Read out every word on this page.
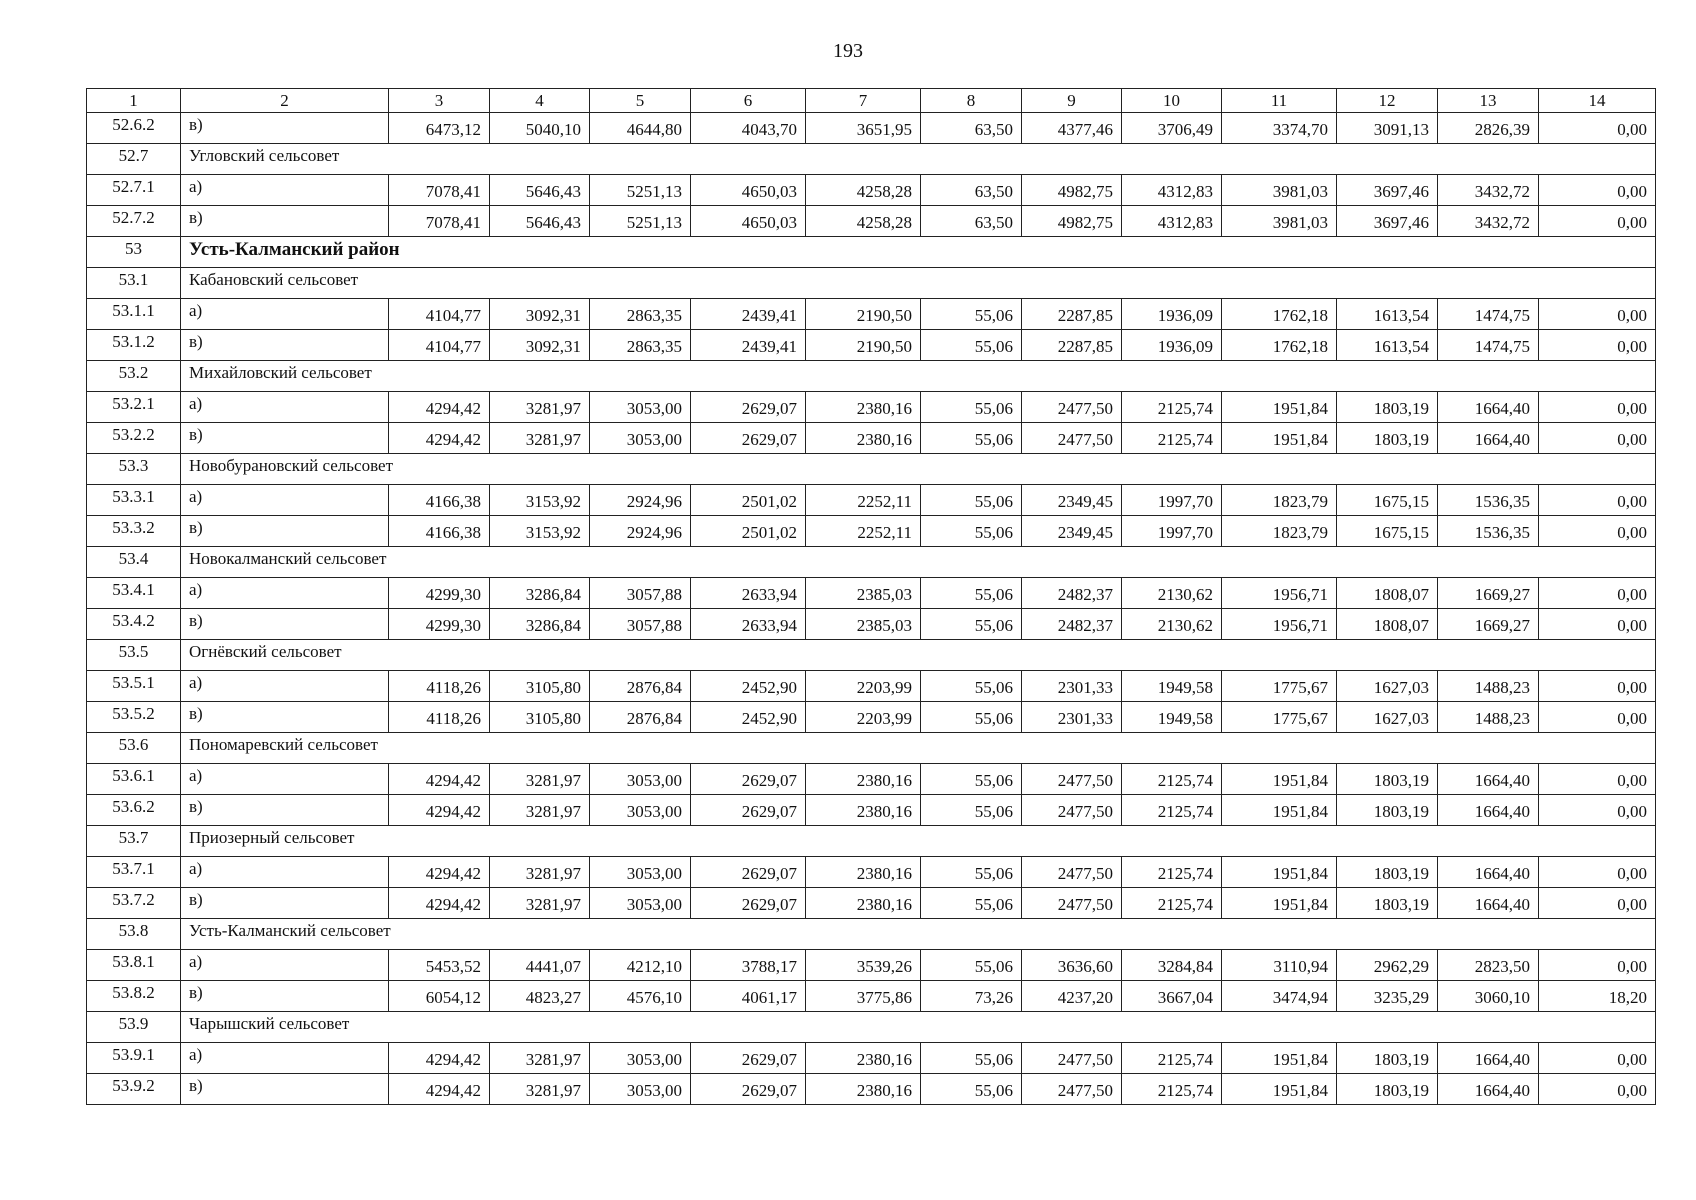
193
1	2	3	4	5	6	7	8	9	10	11	12	13	14
52.6.2	в)	6473,12	5040,10	4644,80	4043,70	3651,95	63,50	4377,46	3706,49	3374,70	3091,13	2826,39	0,00
52.7	Угловский сельсовет												
52.7.1	а)	7078,41	5646,43	5251,13	4650,03	4258,28	63,50	4982,75	4312,83	3981,03	3697,46	3432,72	0,00
52.7.2	в)	7078,41	5646,43	5251,13	4650,03	4258,28	63,50	4982,75	4312,83	3981,03	3697,46	3432,72	0,00
53	Усть-Калманский район												
53.1	Кабановский сельсовет												
53.1.1	а)	4104,77	3092,31	2863,35	2439,41	2190,50	55,06	2287,85	1936,09	1762,18	1613,54	1474,75	0,00
53.1.2	в)	4104,77	3092,31	2863,35	2439,41	2190,50	55,06	2287,85	1936,09	1762,18	1613,54	1474,75	0,00
53.2	Михайловский сельсовет												
53.2.1	а)	4294,42	3281,97	3053,00	2629,07	2380,16	55,06	2477,50	2125,74	1951,84	1803,19	1664,40	0,00
53.2.2	в)	4294,42	3281,97	3053,00	2629,07	2380,16	55,06	2477,50	2125,74	1951,84	1803,19	1664,40	0,00
53.3	Новобурановский сельсовет												
53.3.1	а)	4166,38	3153,92	2924,96	2501,02	2252,11	55,06	2349,45	1997,70	1823,79	1675,15	1536,35	0,00
53.3.2	в)	4166,38	3153,92	2924,96	2501,02	2252,11	55,06	2349,45	1997,70	1823,79	1675,15	1536,35	0,00
53.4	Новокалманский сельсовет												
53.4.1	а)	4299,30	3286,84	3057,88	2633,94	2385,03	55,06	2482,37	2130,62	1956,71	1808,07	1669,27	0,00
53.4.2	в)	4299,30	3286,84	3057,88	2633,94	2385,03	55,06	2482,37	2130,62	1956,71	1808,07	1669,27	0,00
53.5	Огнёвский сельсовет												
53.5.1	а)	4118,26	3105,80	2876,84	2452,90	2203,99	55,06	2301,33	1949,58	1775,67	1627,03	1488,23	0,00
53.5.2	в)	4118,26	3105,80	2876,84	2452,90	2203,99	55,06	2301,33	1949,58	1775,67	1627,03	1488,23	0,00
53.6	Пономаревский сельсовет												
53.6.1	а)	4294,42	3281,97	3053,00	2629,07	2380,16	55,06	2477,50	2125,74	1951,84	1803,19	1664,40	0,00
53.6.2	в)	4294,42	3281,97	3053,00	2629,07	2380,16	55,06	2477,50	2125,74	1951,84	1803,19	1664,40	0,00
53.7	Приозерный сельсовет												
53.7.1	а)	4294,42	3281,97	3053,00	2629,07	2380,16	55,06	2477,50	2125,74	1951,84	1803,19	1664,40	0,00
53.7.2	в)	4294,42	3281,97	3053,00	2629,07	2380,16	55,06	2477,50	2125,74	1951,84	1803,19	1664,40	0,00
53.8	Усть-Калманский сельсовет												
53.8.1	а)	5453,52	4441,07	4212,10	3788,17	3539,26	55,06	3636,60	3284,84	3110,94	2962,29	2823,50	0,00
53.8.2	в)	6054,12	4823,27	4576,10	4061,17	3775,86	73,26	4237,20	3667,04	3474,94	3235,29	3060,10	18,20
53.9	Чарышский сельсовет												
53.9.1	а)	4294,42	3281,97	3053,00	2629,07	2380,16	55,06	2477,50	2125,74	1951,84	1803,19	1664,40	0,00
53.9.2	в)	4294,42	3281,97	3053,00	2629,07	2380,16	55,06	2477,50	2125,74	1951,84	1803,19	1664,40	0,00
